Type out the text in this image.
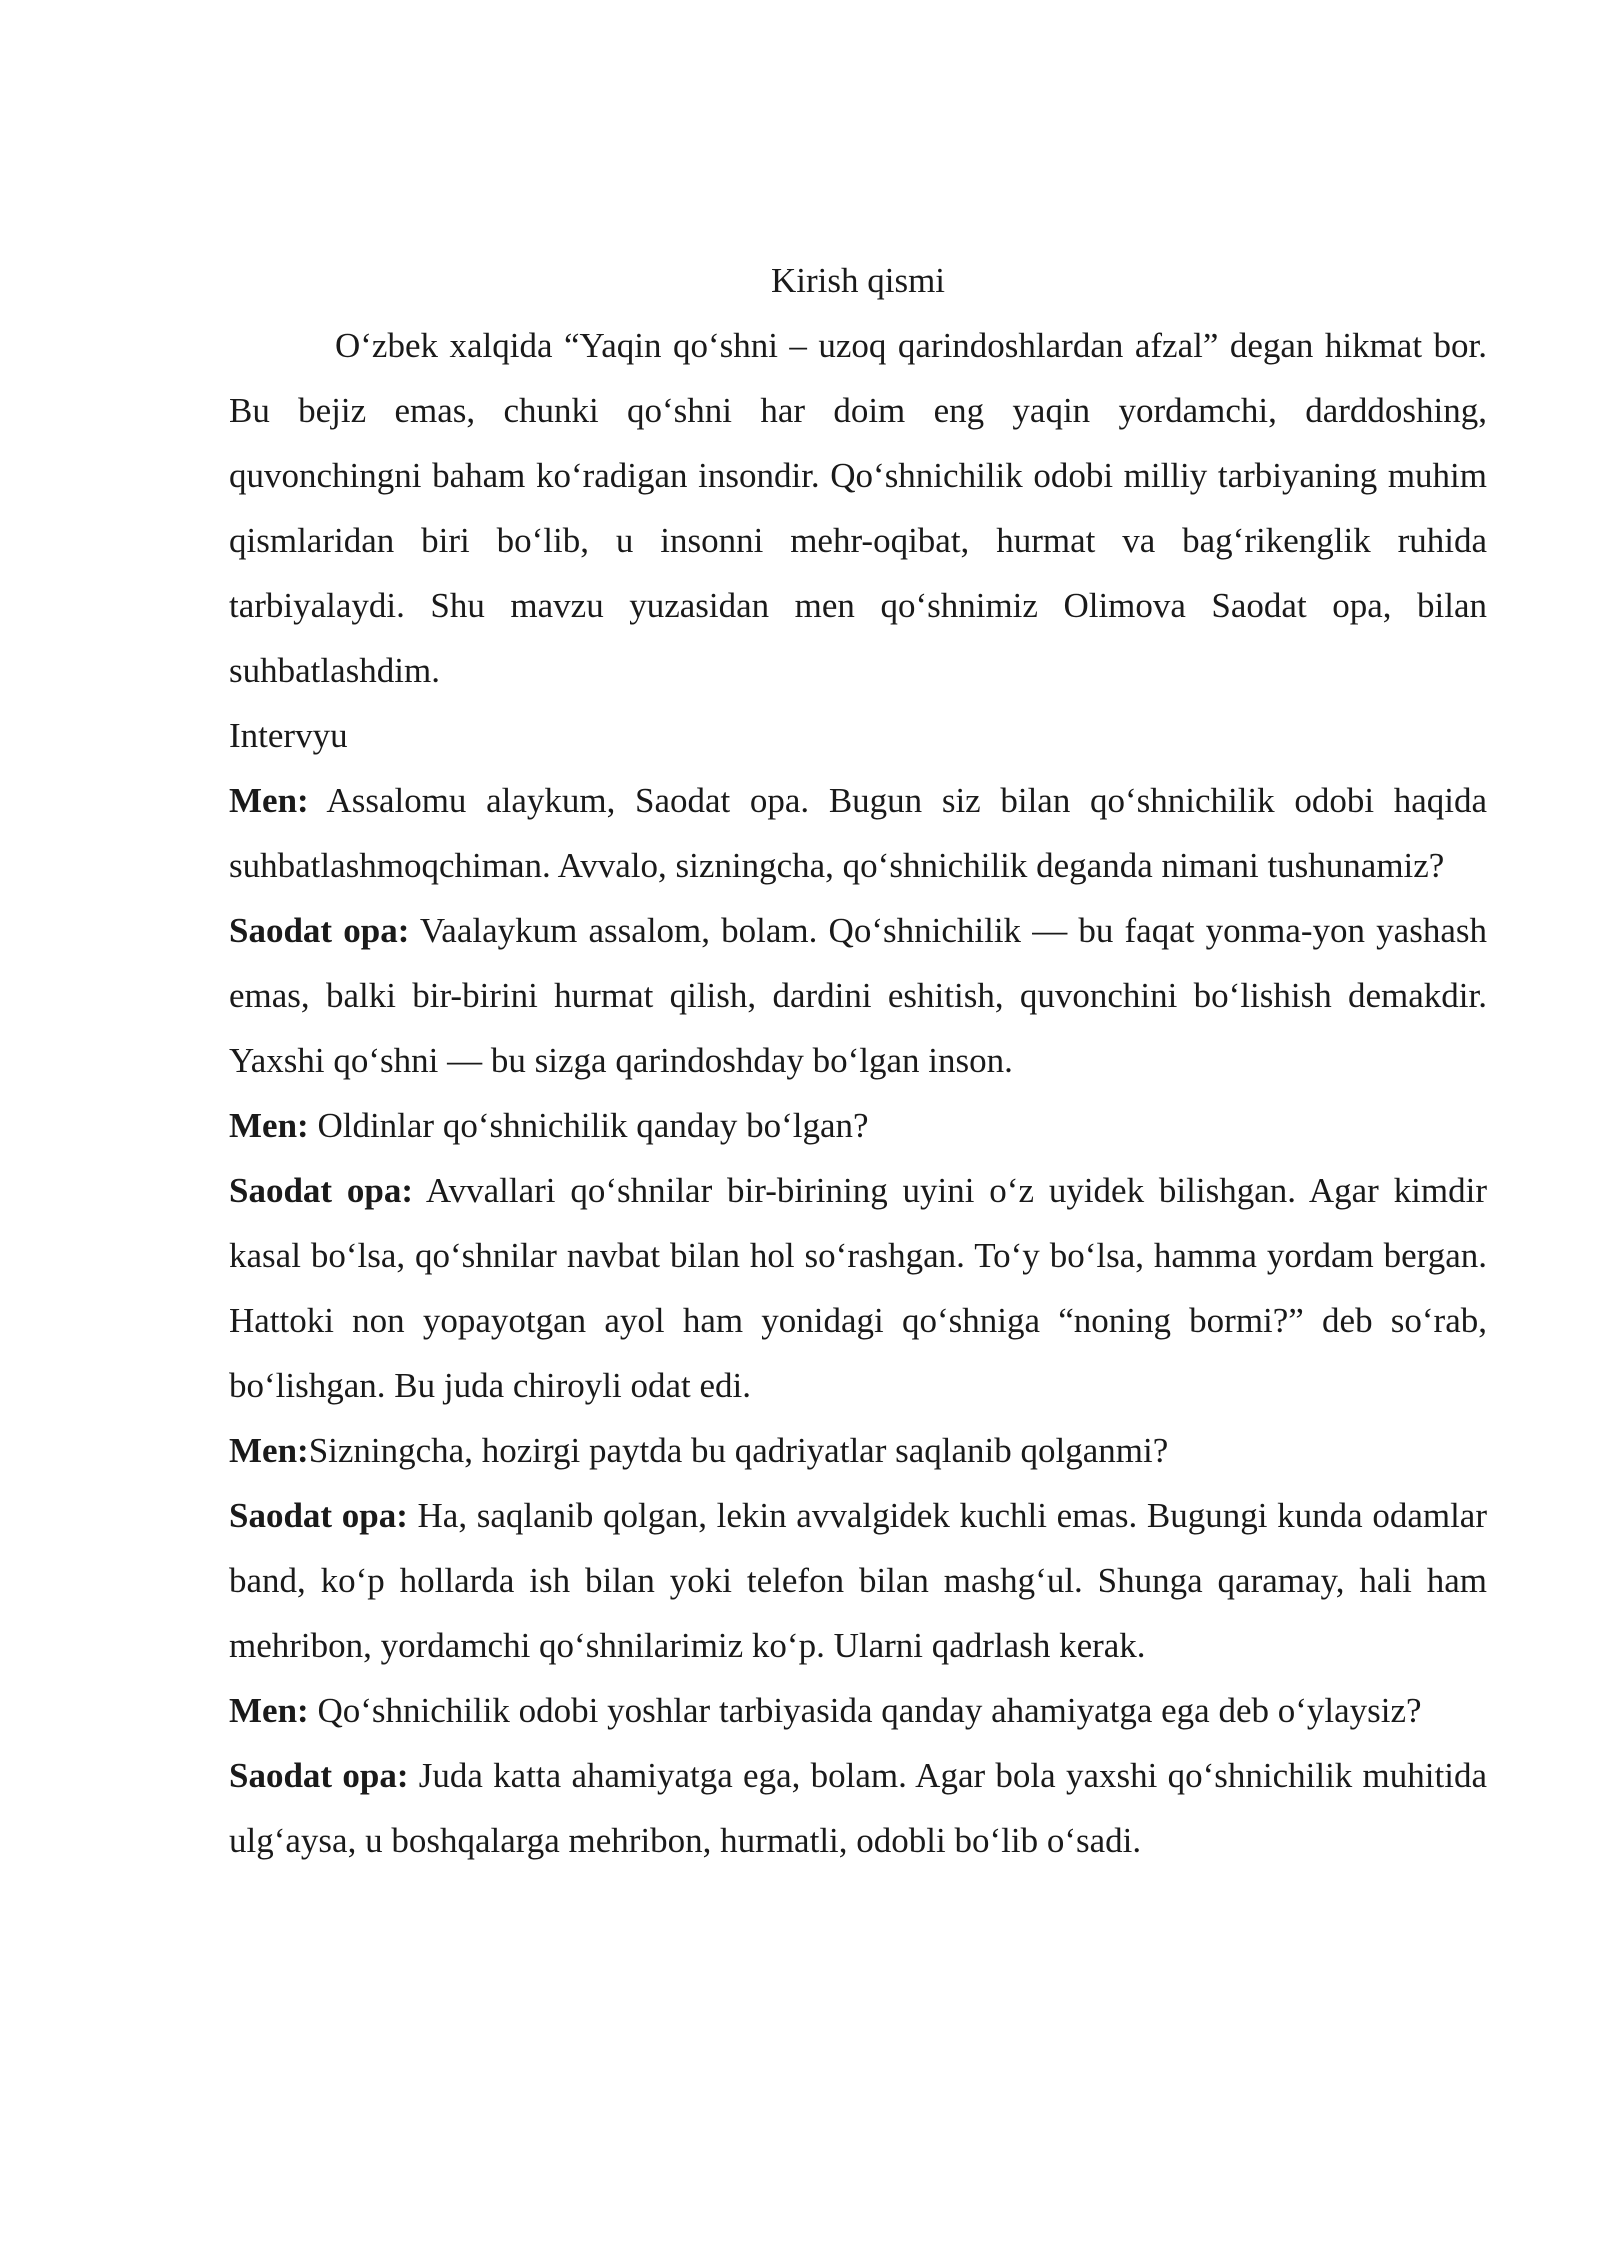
Kirish qismi

O‘zbek xalqida “Yaqin qo‘shni – uzoq qarindoshlardan afzal” degan hikmat bor. Bu bejiz emas, chunki qo‘shni har doim eng yaqin yordamchi, darddoshing, quvonchingni baham ko‘radigan insondir. Qo‘shnichilik odobi milliy tarbiyaning muhim qismlaridan biri bo‘lib, u insonni mehr-oqibat, hurmat va bag‘rikenglik ruhida tarbiyalaydi. Shu mavzu yuzasidan men qo‘shnimiz Olimova Saodat opa, bilan suhbatlashdim.

Intervyu

Men: Assalomu alaykum, Saodat opa. Bugun siz bilan qo‘shnichilik odobi haqida suhbatlashmoqchiman. Avvalo, sizningcha, qo‘shnichilik deganda nimani tushunamiz?

Saodat opa: Vaalaykum assalom, bolam. Qo‘shnichilik — bu faqat yonma-yon yashash emas, balki bir-birini hurmat qilish, dardini eshitish, quvonchini bo‘lishish demakdir. Yaxshi qo‘shni — bu sizga qarindoshday bo‘lgan inson.

Men: Oldinlar qo‘shnichilik qanday bo‘lgan?

Saodat opa: Avvallari qo‘shnilar bir-birining uyini o‘z uyidek bilishgan. Agar kimdir kasal bo‘lsa, qo‘shnilar navbat bilan hol so‘rashgan. To‘y bo‘lsa, hamma yordam bergan. Hattoki non yopayotgan ayol ham yonidagi qo‘shniga “noning bormi?” deb so‘rab, bo‘lishgan. Bu juda chiroyli odat edi.

Men:Sizningcha, hozirgi paytda bu qadriyatlar saqlanib qolganmi?

Saodat opa: Ha, saqlanib qolgan, lekin avvalgidek kuchli emas. Bugungi kunda odamlar band, ko‘p hollarda ish bilan yoki telefon bilan mashg‘ul. Shunga qaramay, hali ham mehribon, yordamchi qo‘shnilarimiz ko‘p. Ularni qadrlash kerak.

Men: Qo‘shnichilik odobi yoshlar tarbiyasida qanday ahamiyatga ega deb o‘ylaysiz?

Saodat opa: Juda katta ahamiyatga ega, bolam. Agar bola yaxshi qo‘shnichilik muhitida ulg‘aysa, u boshqalarga mehribon, hurmatli, odobli bo‘lib o‘sadi.
